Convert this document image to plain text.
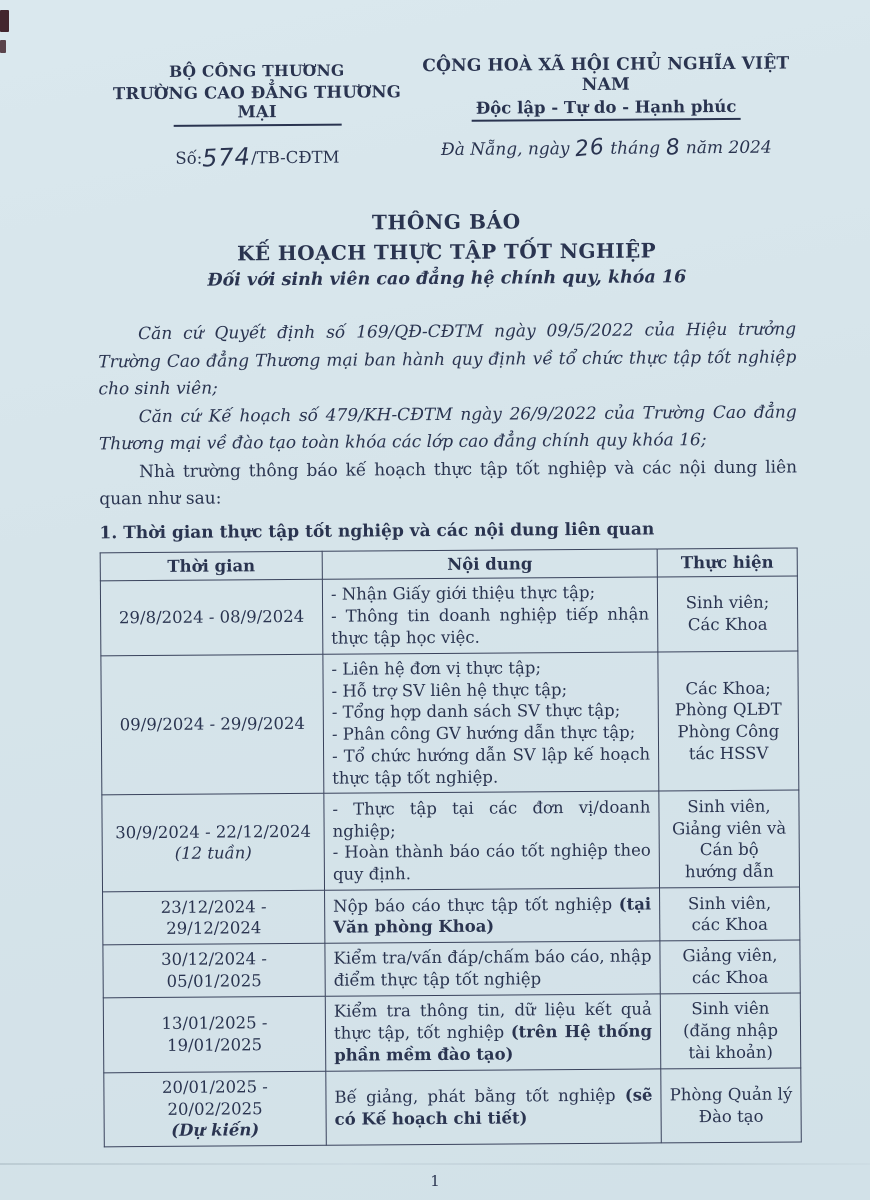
BỘ CÔNG THƯƠNG
TRƯỜNG CAO ĐẲNG THƯƠNG MẠI
Số:574/TB-CĐTM
CỘNG HOÀ XÃ HỘI CHỦ NGHĨA VIỆT NAM
Độc lập - Tự do - Hạnh phúc
Đà Nẵng, ngày 26 tháng 8 năm 2024
THÔNG BÁO
KẾ HOẠCH THỰC TẬP TỐT NGHIỆP
Đối với sinh viên cao đẳng hệ chính quy, khóa 16

Căn cứ Quyết định số 169/QĐ-CĐTM ngày 09/5/2022 của Hiệu trưởng Trường Cao đẳng Thương mại ban hành quy định về tổ chức thực tập tốt nghiệp cho sinh viên;

Căn cứ Kế hoạch số 479/KH-CĐTM ngày 26/9/2022 của Trường Cao đẳng Thương mại về đào tạo toàn khóa các lớp cao đẳng chính quy khóa 16;

Nhà trường thông báo kế hoạch thực tập tốt nghiệp và các nội dung liên quan như sau:

1. Thời gian thực tập tốt nghiệp và các nội dung liên quan
Thời gian	Nội dung	Thực hiện
29/8/2024 - 08/9/2024	- Nhận Giấy giới thiệu thực tập;
- Thông tin doanh nghiệp tiếp nhận thực tập học việc.	Sinh viên;
Các Khoa
09/9/2024 - 29/9/2024	- Liên hệ đơn vị thực tập;
- Hỗ trợ SV liên hệ thực tập;
- Tổng hợp danh sách SV thực tập;
- Phân công GV hướng dẫn thực tập;
- Tổ chức hướng dẫn SV lập kế hoạch thực tập tốt nghiệp.	Các Khoa;
Phòng QLĐT
Phòng Công
tác HSSV
30/9/2024 - 22/12/2024
(12 tuần)	- Thực tập tại các đơn vị/doanh nghiệp;
- Hoàn thành báo cáo tốt nghiệp theo quy định.	Sinh viên,
Giảng viên và
Cán bộ
hướng dẫn
23/12/2024 - 29/12/2024	Nộp báo cáo thực tập tốt nghiệp (tại Văn phòng Khoa)	Sinh viên,
các Khoa
30/12/2024 - 05/01/2025	Kiểm tra/vấn đáp/chấm báo cáo, nhập điểm thực tập tốt nghiệp	Giảng viên,
các Khoa
13/01/2025 - 19/01/2025	Kiểm tra thông tin, dữ liệu kết quả thực tập, tốt nghiệp (trên Hệ thống phần mềm đào tạo)	Sinh viên
(đăng nhập
tài khoản)
20/01/2025 - 20/02/2025
(Dự kiến)	Bế giảng, phát bằng tốt nghiệp (sẽ có Kế hoạch chi tiết)	Phòng Quản lý
Đào tạo
1
